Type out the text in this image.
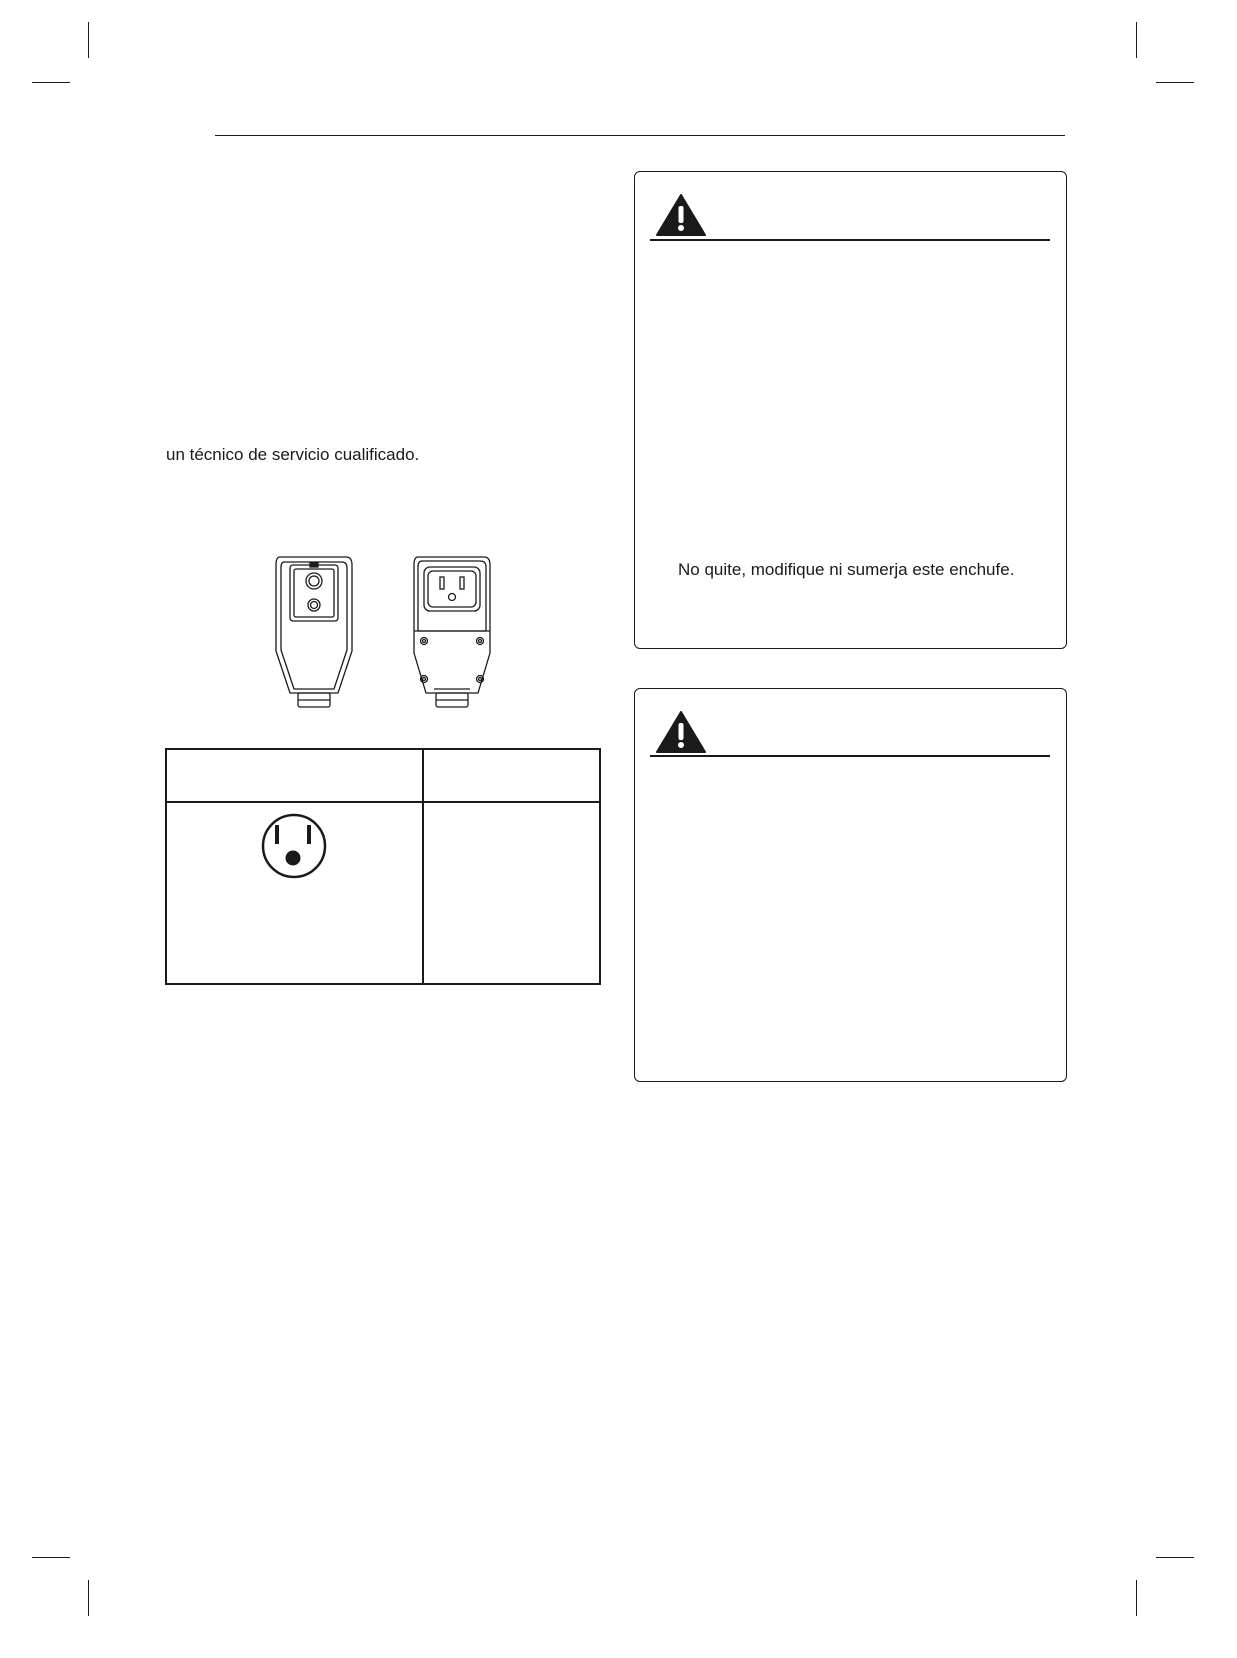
un técnico de servicio cualificado.
No quite, modifique ni sumerja este enchufe.
